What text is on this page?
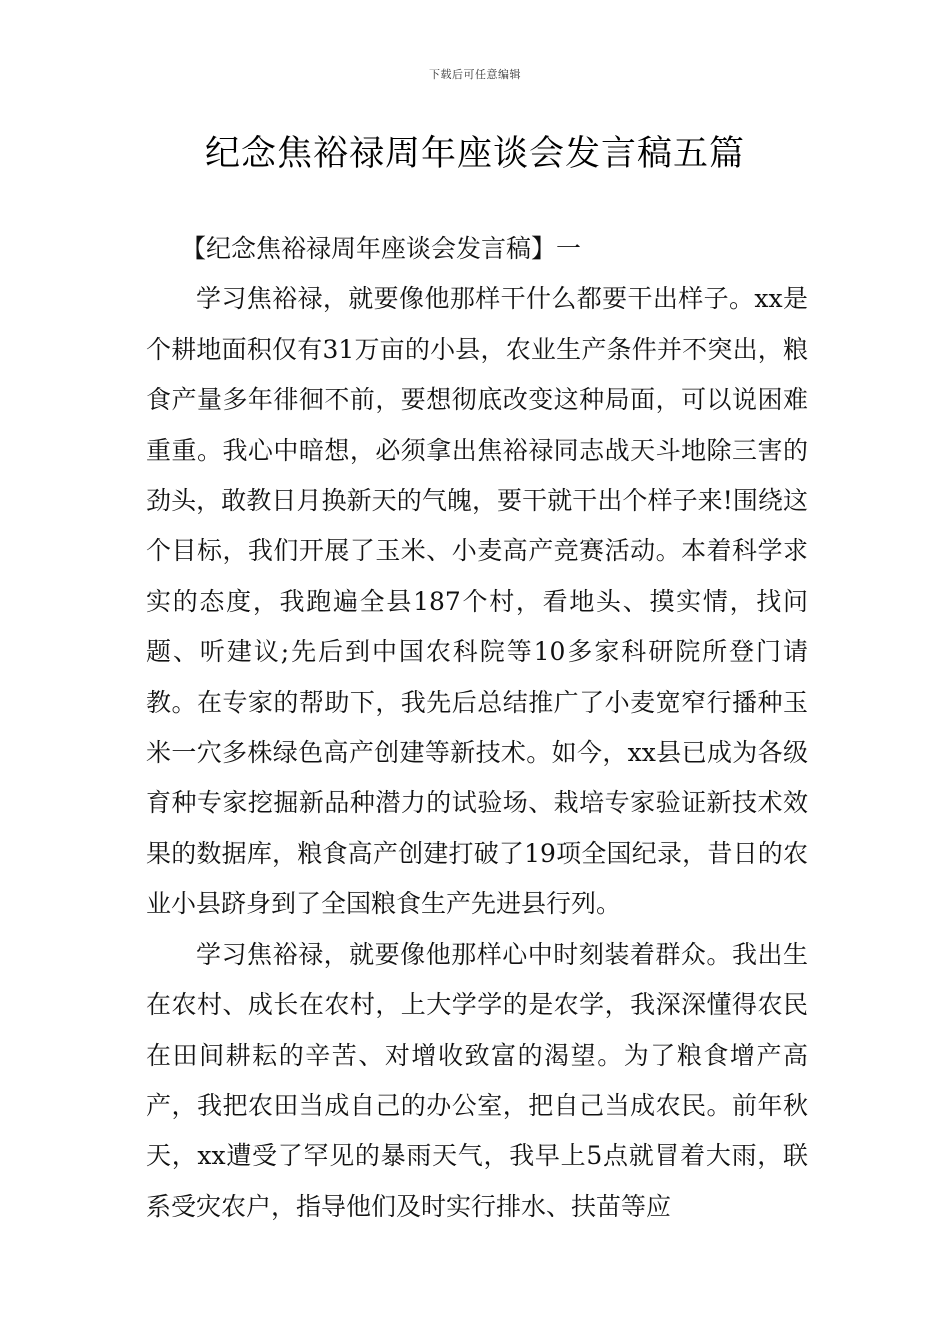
下载后可任意编辑
纪念焦裕禄周年座谈会发言稿五篇

【纪念焦裕禄周年座谈会发言稿】一

学习焦裕禄，就要像他那样干什么都要干出样子。xx是个耕地面积仅有31万亩的小县，农业生产条件并不突出，粮食产量多年徘徊不前，要想彻底改变这种局面，可以说困难重重。我心中暗想，必须拿出焦裕禄同志战天斗地除三害的劲头，敢教日月换新天的气魄，要干就干出个样子来!围绕这个目标，我们开展了玉米、小麦高产竞赛活动。本着科学求实的态度，我跑遍全县187个村，看地头、摸实情，找问题、听建议;先后到中国农科院等10多家科研院所登门请教。在专家的帮助下，我先后总结推广了小麦宽窄行播种玉米一穴多株绿色高产创建等新技术。如今，xx县已成为各级育种专家挖掘新品种潜力的试验场、栽培专家验证新技术效果的数据库，粮食高产创建打破了19项全国纪录，昔日的农业小县跻身到了全国粮食生产先进县行列。

学习焦裕禄，就要像他那样心中时刻装着群众。我出生在农村、成长在农村，上大学学的是农学，我深深懂得农民在田间耕耘的辛苦、对增收致富的渴望。为了粮食增产高产，我把农田当成自己的办公室，把自己当成农民。前年秋天，xx遭受了罕见的暴雨天气，我早上5点就冒着大雨，联系受灾农户，指导他们及时实行排水、扶苗等应
